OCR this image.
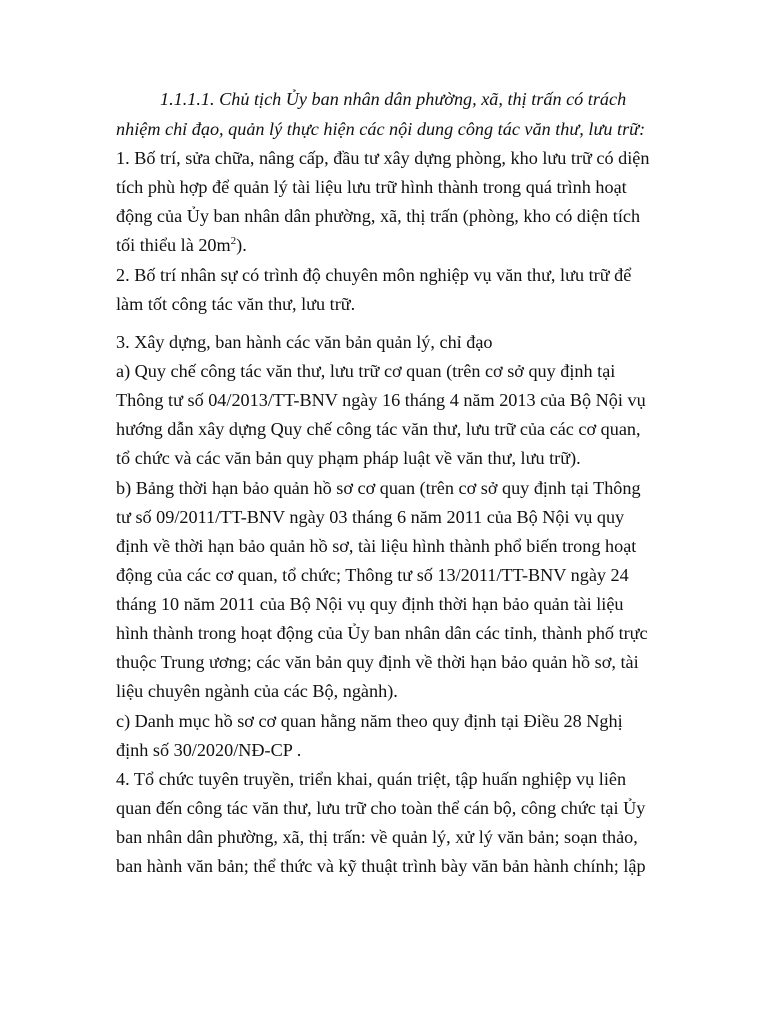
1.1.1.1. Chủ tịch Ủy ban nhân dân phường, xã, thị trấn có trách
nhiệm chỉ đạo, quản lý thực hiện các nội dung công tác văn thư, lưu trữ:
1. Bố trí, sửa chữa, nâng cấp, đầu tư xây dựng phòng, kho lưu trữ có diện
tích phù hợp để quản lý tài liệu lưu trữ hình thành trong quá trình hoạt
động của Ủy ban nhân dân phường, xã, thị trấn (phòng, kho có diện tích
tối thiểu là $20m^2$).
2. Bố trí nhân sự có trình độ chuyên môn nghiệp vụ văn thư, lưu trữ để
làm tốt công tác văn thư, lưu trữ.
3. Xây dựng, ban hành các văn bản quản lý, chỉ đạo
a) Quy chế công tác văn thư, lưu trữ cơ quan (trên cơ sở quy định tại
Thông tư số 04/2013/TT-BNV ngày 16 tháng 4 năm 2013 của Bộ Nội vụ
hướng dẫn xây dựng Quy chế công tác văn thư, lưu trữ của các cơ quan,
tổ chức và các văn bản quy phạm pháp luật về văn thư, lưu trữ).
b) Bảng thời hạn bảo quản hồ sơ cơ quan (trên cơ sở quy định tại Thông
tư số 09/2011/TT-BNV ngày 03 tháng 6 năm 2011 của Bộ Nội vụ quy
định về thời hạn bảo quản hồ sơ, tài liệu hình thành phổ biến trong hoạt
động của các cơ quan, tổ chức; Thông tư số 13/2011/TT-BNV ngày 24
tháng 10 năm 2011 của Bộ Nội vụ quy định thời hạn bảo quản tài liệu
hình thành trong hoạt động của Ủy ban nhân dân các tỉnh, thành phố trực
thuộc Trung ương; các văn bản quy định về thời hạn bảo quản hồ sơ, tài
liệu chuyên ngành của các Bộ, ngành).
c) Danh mục hồ sơ cơ quan hằng năm theo quy định tại Điều 28 Nghị
định số 30/2020/NĐ-CP .
4. Tổ chức tuyên truyền, triển khai, quán triệt, tập huấn nghiệp vụ liên
quan đến công tác văn thư, lưu trữ cho toàn thể cán bộ, công chức tại Ủy
ban nhân dân phường, xã, thị trấn: về quản lý, xử lý văn bản; soạn thảo,
ban hành văn bản; thể thức và kỹ thuật trình bày văn bản hành chính; lập
